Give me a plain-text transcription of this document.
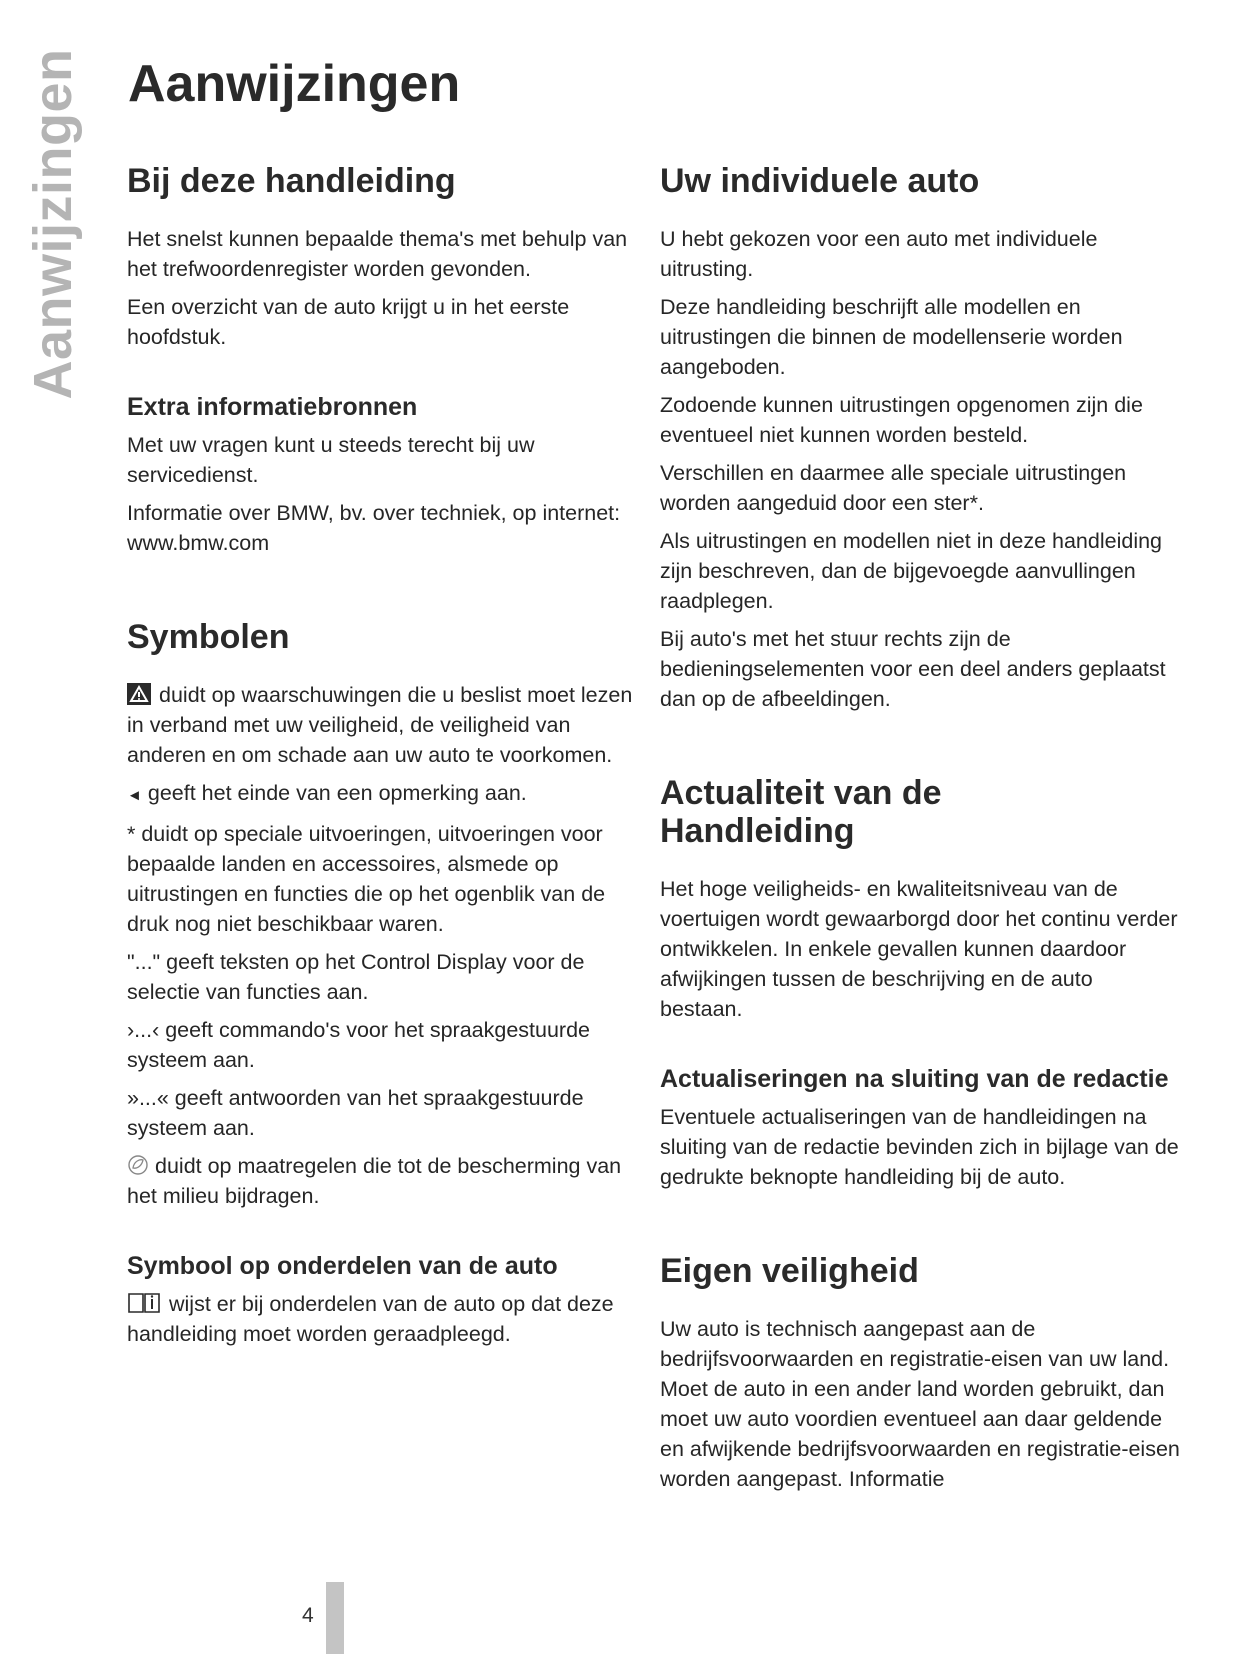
Aanwijzingen Aanwijzingen
Bij deze handleiding

Het snelst kunnen bepaalde thema's met behulp van het trefwoordenregister worden gevonden.

Een overzicht van de auto krijgt u in het eerste hoofdstuk.

Extra informatiebronnen

Met uw vragen kunt u steeds terecht bij uw servicedienst.

Informatie over BMW, bv. over techniek, op internet: www.bmw.com

Symbolen

duidt op waarschuwingen die u beslist moet lezen in verband met uw veiligheid, de veiligheid van anderen en om schade aan uw auto te voorkomen.

◄ geeft het einde van een opmerking aan.

* duidt op speciale uitvoeringen, uitvoeringen voor bepaalde landen en accessoires, alsmede op uitrustingen en functies die op het ogenblik van de druk nog niet beschikbaar waren.

"..." geeft teksten op het Control Display voor de selectie van functies aan.

›...‹ geeft commando's voor het spraakgestuurde systeem aan.

»...« geeft antwoorden van het spraakgestuurde systeem aan.

duidt op maatregelen die tot de bescherming van het milieu bijdragen.

Symbool op onderdelen van de auto

wijst er bij onderdelen van de auto op dat deze handleiding moet worden geraadpleegd.

Uw individuele auto

U hebt gekozen voor een auto met individuele uitrusting.

Deze handleiding beschrijft alle modellen en uitrustingen die binnen de modellenserie worden aangeboden.

Zodoende kunnen uitrustingen opgenomen zijn die eventueel niet kunnen worden besteld.

Verschillen en daarmee alle speciale uitrustingen worden aangeduid door een ster*.

Als uitrustingen en modellen niet in deze handleiding zijn beschreven, dan de bijgevoegde aanvullingen raadplegen.

Bij auto's met het stuur rechts zijn de bedieningselementen voor een deel anders geplaatst dan op de afbeeldingen.

Actualiteit van de
Handleiding

Het hoge veiligheids- en kwaliteitsniveau van de voertuigen wordt gewaarborgd door het continu verder ontwikkelen. In enkele gevallen kunnen daardoor afwijkingen tussen de beschrijving en de auto bestaan.

Actualiseringen na sluiting van de redactie

Eventuele actualiseringen van de handleidingen na sluiting van de redactie bevinden zich in bijlage van de gedrukte beknopte handleiding bij de auto.

Eigen veiligheid

Uw auto is technisch aangepast aan de bedrijfsvoorwaarden en registratie-eisen van uw land. Moet de auto in een ander land worden gebruikt, dan moet uw auto voordien eventueel aan daar geldende en afwijkende bedrijfsvoorwaarden en registratie-eisen worden aangepast. Informatie

4
